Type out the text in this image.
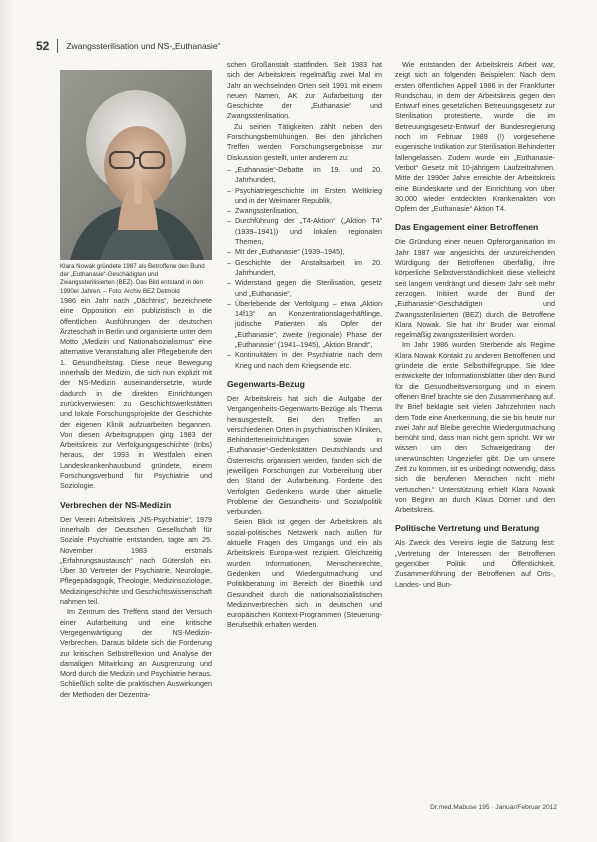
52 Zwangssterilisation und NS-„Euthanasie“
Klara Nowak gründete 1987 als Betroffene den Bund der „Euthanasie“-Geschädigten und Zwangssterilisierten (BEZ). Das Bild entstand in den 1990er Jahren. – Foto: Archiv BEZ Detmold

1986 ein Jahr nach „Dächtnis“, bezeichnete eine Opposition ein publizistisch in die öffentlichen Ausführungen der deutschen Ärzteschaft in Berlin und organisierte unter dem Motto „Medizin und Nationalsozialismus“ eine alternative Veranstaltung aller Pflegeberufe den 1. Gesundheitstag. Diese neue Bewegung innerhalb der Medizin, die sich nun explizit mit der NS-Medizin auseinandersetzte, wurde dadurch in die direkten Einrichtungen zurückverwiesen: zu Geschichtswerkstätten und lokale Forschungsprojekte der Geschichte der eigenen Klinik aufzuarbeiten begannen. Von diesen Arbeitsgruppen ging 1983 der Arbeitskreis zur Verfolgungsgeschichte (tnbs) heraus, der 1993 in Westfalen einen Landeskrankenhausbund gründete, einem Forschungsverbund für Psychiatrie und Soziologie.

Verbrechen der NS-Medizin

Der Verein Arbeitskreis „NS-Psychiatrie“, 1979 innerhalb der Deutschen Gesellschaft für Soziale Psychiatrie entstanden, tagte am 25. November 1983 erstmals „Erfahrungsaustausch“ nach Gütersloh ein. Über 30 Vertreter der Psychiatrie, Neurologie, Pflegepädagogik, Theologie, Medizinsoziologie, Medizingeschichte und Geschichtswissenschaft nahmen teil.

Im Zentrum des Treffens stand der Versuch einer Aufarbeitung und eine kritische Vergegenwärtigung der NS-Medizin-Verbrechen. Daraus bildete sich die Forderung zur kritischen Selbstreflexion und Analyse der damaligen Mitwirkung an Ausgrenzung und Mord durch die Medizin und Psychiatrie heraus. Schließlich sollte die praktischen Auswirkungen der Methoden der Dezentra-

schen Großanstalt stattfinden. Seit 1983 hat sich der Arbeitskreis regelmäßig zwei Mal im Jahr an wechselnden Orten seit 1991 mit einem neuen Namen, AK zur Aufarbeitung der Geschichte der „Euthanasie“ und Zwangssterilisation.

Zu seinen Tätigkeiten zählt neben den Forschungsbemühungen. Bei den jährlichen Treffen werden Forschungsergebnisse zur Diskussion gestellt, unter anderem zu:

– „Euthanasie“-Debatte im 19. und 20. Jahrhundert,
– Psychiatriegeschichte im Ersten Weltkrieg und in der Weimarer Republik,
– Zwangssterilisation,
– Durchführung der „T4-Aktion“ („Aktion T4“ (1939–1941)) und lokalen regionalen Themen,
– Mit der „Euthanasie“ (1939–1945),
– Geschichte der Anstaltsarbeit im 20. Jahrhundert,
– Widerstand gegen die Sterilisation, gesetz und „Euthanasie“,
– Überlebende der Verfolgung – etwa „Aktion 14f13“ an Konzentrationslagerhäftlinge, jüdische Patienten als Opfer der „Euthanasie“, zweite (regionale) Phase der „Euthanasie“ (1941–1945), „Aktion Brandt“,
– Kontinuitäten in der Psychiatrie nach dem Krieg und nach dem Kriegsende etc.
Gegenwarts-Bezug

Der Arbeitskreis hat sich die Aufgabe der Vergangenheits-Gegenwarts-Bezüge als Thema herausgestellt. Bei den Treffen an verschiedenen Orten in psychiatrischen Kliniken, Behinderteneinrichtungen sowie in „Euthanasie“-Gedenkstätten Deutschlands und Österreichs organisiert werden, fanden sich die jeweiligen Forschungen zur Vorbereitung über den Stand der Aufarbeitung. Forderte des Verfolgten Gedenkens wurde über aktuelle Probleme der Gesundheits- und Sozialpolitik verbunden.

Seien Blick ist gegen der Arbeitskreis als sozial-politisches Netzwerk nach außen für aktuelle Fragen des Umgangs und ein als Arbeitskreis Europa-weit rezipiert. Gleichzeitig wurden Informationen, Menschenrechte, Gedenken und Wiedergutmachung und Politikberatung im Bereich der Bioethik und Gesundheit durch die nationalsozialistischen Medizinverbrechen sich in deutschen und europäischen Kontext-Programmen (Steuerung-Berufsethik erhalten werden.

Wie entstanden der Arbeitskreis Arbeit war, zeigt sich an folgenden Beispielen: Nach dem ersten öffentlichen Appell 1986 in der Frankfurter Rundschau, in dem der Arbeitskreis gegen den Entwurf eines gesetzlichen Betreuungsgesetz zur Sterilisation protestierte, wurde die im Betreuungsgesetz-Entwurf der Bundesregierung noch im Februar 1989 (!) vorgesehene eugenische Indikation zur Sterilisation Behinderter fallengelassen. Zudem wurde ein „Euthanasie-Verbot“ Gesetz mit 10-jährigem Laufzeitrahmen. Mitte der 1990er Jahre erreichte der Arbeitskreis eine Bundeskarte und der Einrichtung von über 30.000 wieder entdeckten Krankenakten von Opfern der „Euthanasie“ Aktion T4.

Das Engagement einer Betroffenen

Die Gründung einer neuen Opferorganisation im Jahr 1987 war angesichts der unzureichenden Würdigung der Betroffenen überfällig, ihre körperliche Selbstverständlichkeit diese vielleicht seit langem verdrängt und diesem Jahr seit mehr zerzogen. Initiiert wurde der Bund der „Euthanasie“-Geschädigten und Zwangssterilisierten (BEZ) durch die Betroffene Klara Nowak. Sie hat ihr Bruder war einmal regelmäßig zwangssterilisiert worden.

Im Jahr 1986 wurden Sterbende als Regime Klara Nowak Kontakt zu anderen Betroffenen und gründete die erste Selbsthilfegruppe. Sie Idee entwickelte der Informationsblätter über den Bund für die Gesundheitsversorgung und in einem offenen Brief brachte sie den Zusammenhang auf. Ihr Brief beklagte seit vielen Jahrzehnten nach dem Tode eine Anerkennung, die sie bis heute nur zwei Jahr auf Bleibe gerechte Wiedergutmachung bemüht sind, dass man nicht gern spricht. Wir wir wissen um den Schweigedrang der unerwünschten Ungeziefer gibt. Die um unsere Zeit zu kommen, ist es unbedingt notwendig, dass sich die berufenen Menschen nicht mehr vertuschen.“ Unterstützung erhielt Klara Nowak von Beginn an durch Klaus Dörner und den Arbeitskreis.

Politische Vertretung und Beratung

Als Zweck des Vereins legte die Satzung fest: „Vertretung der Interessen der Betroffenen gegenüber Politik und Öffentlichkeit, Zusammenführung der Betroffenen auf Orts-, Landes- und Bun-

Dr.med.Mabuse 195 · Januar/Februar 2012
